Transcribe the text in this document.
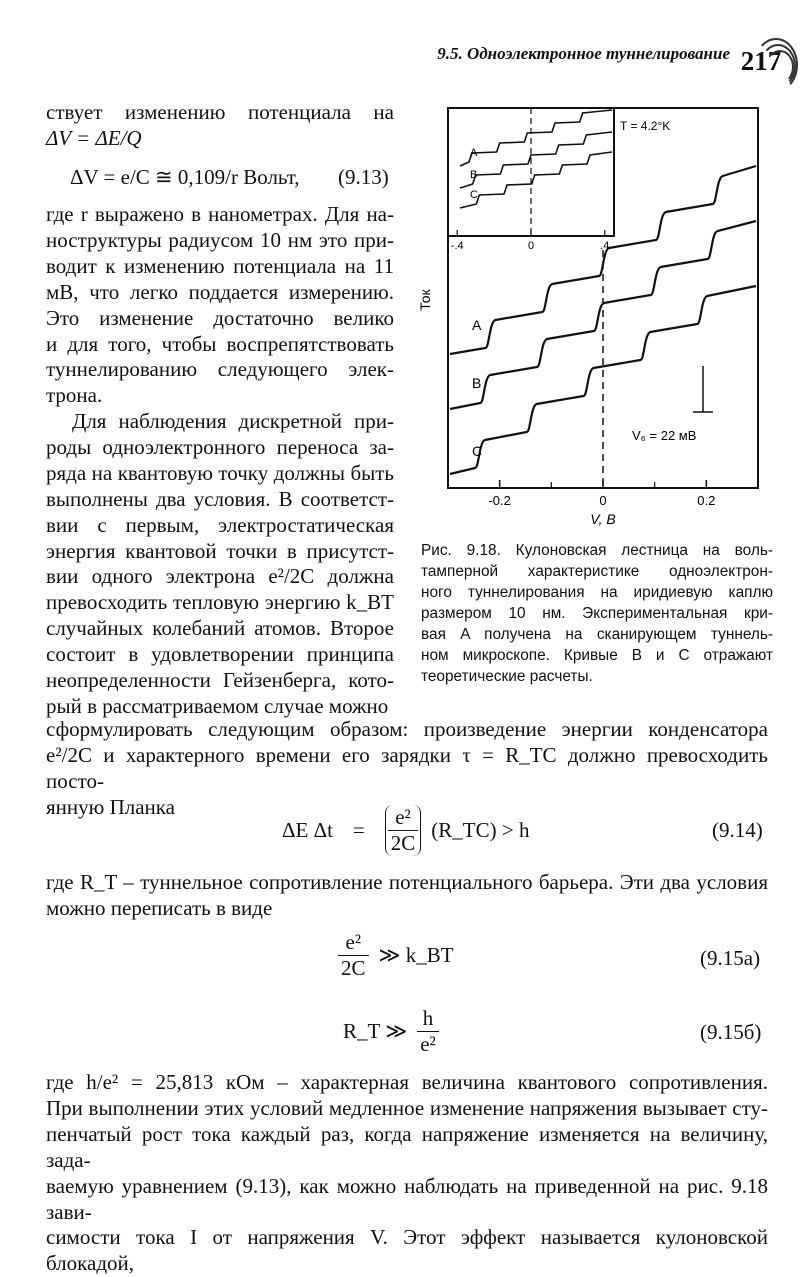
9.5. Одноэлектронное туннелирование 217
ствует изменению потенциала на
ΔV = ΔE/Q
ΔV = e/C ≅ 0,109/r Вольт, (9.13)
где r выражено в нанометрах. Для на-
ноструктуры радиусом 10 нм это при-
водит к изменению потенциала на 11
мВ, что легко поддается измерению.
Это изменение достаточно велико
и для того, чтобы воспрепятствовать
туннелированию следующего элек-
трона.
Для наблюдения дискретной при-
роды одноэлектронного переноса за-
ряда на квантовую точку должны быть
выполнены два условия. В соответст-
вии с первым, электростатическая
энергия квантовой точки в присутст-
вии одного электрона e²/2C должна
превосходить тепловую энергию k_BT
случайных колебаний атомов. Второе
состоит в удовлетворении принципа
неопределенности Гейзенберга, кото-
рый в рассматриваемом случае можно
-0.2	0	0.2
V, В
Ток
A
B
C
V₆ = 22 мВ
-.4	0	.4
T = 4.2°K
A
B
C
Рис. 9.18. Кулоновская лестница на воль-
тамперной характеристике одноэлектрон-
ного туннелирования на иридиевую каплю
размером 10 нм. Экспериментальная кри-
вая A получена на сканирующем туннель-
ном микроскопе. Кривые B и C отражают
теоретические расчеты.
сформулировать следующим образом: произведение энергии конденсатора
e²/2C и характерного времени его зарядки τ = R_TC должно превосходить посто-
янную Планка
ΔE $\Delta t = \frac{\text{e²}}{2C}$ (R_TC) > h	(9.14)
где R_T – туннельное сопротивление потенциального барьера. Эти два условия
можно переписать в виде
$\frac{\text{e²}}{2C}$ ≫ k_BT	(9.15а)
R_T ≫ $\frac{h}{\text{e²}}$	(9.15б)
где h/e² = 25,813 кОм – характерная величина квантового сопротивления.
При выполнении этих условий медленное изменение напряжения вызывает сту-
пенчатый рост тока каждый раз, когда напряжение изменяется на величину, зада-
ваемую уравнением (9.13), как можно наблюдать на приведенной на рис. 9.18 зави-
симости тока I от напряжения V. Этот эффект называется кулоновской блокадой,
